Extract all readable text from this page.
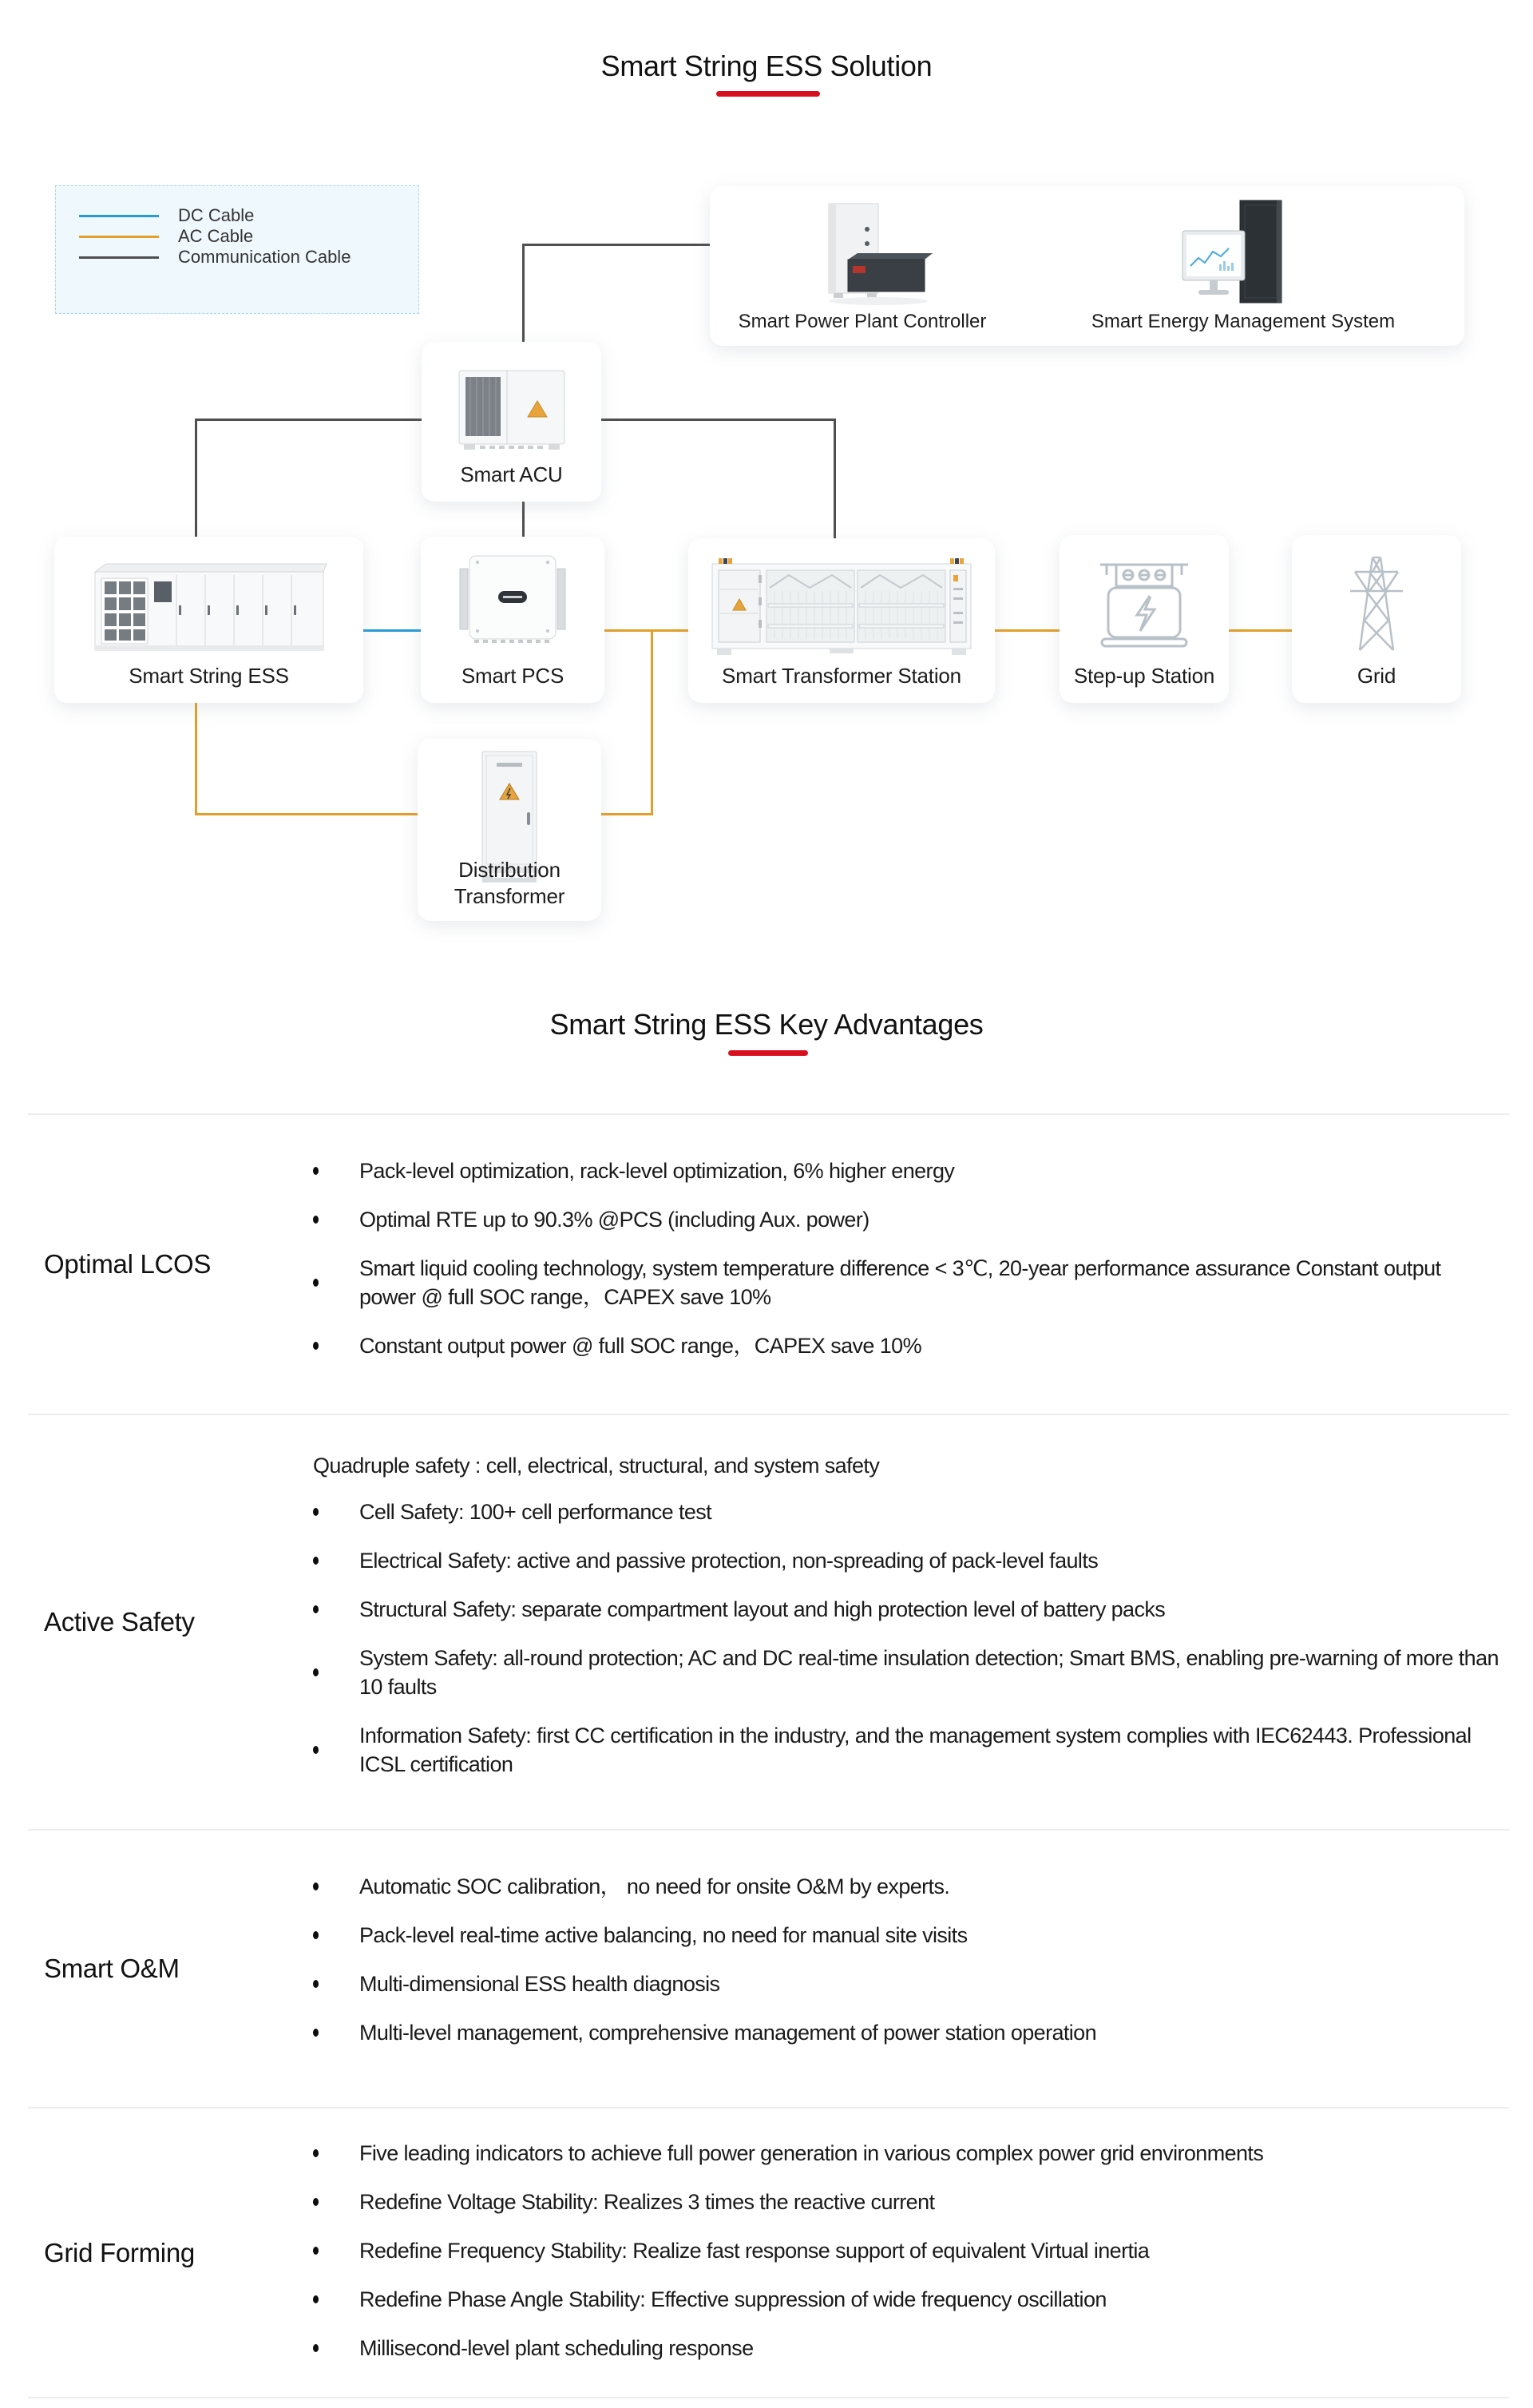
Smart String ESS Solution
DC Cable
AC Cable
Communication Cable
Smart Power Plant Controller	Smart Energy Management System
Smart ACU
Smart String ESS	Smart PCS	Smart Transformer Station	Step-up Station	Grid
Distribution
Transformer
Smart String ESS Key Advantages
Optimal LCOS
Pack-level optimization, rack-level optimization, 6% higher energy
Optimal RTE up to 90.3% @PCS (including Aux. power)
Smart liquid cooling technology, system temperature difference < 3℃, 20-year performance assurance Constant output power @ full SOC range，CAPEX save 10%
Constant output power @ full SOC range，CAPEX save 10%
Active Safety
Quadruple safety : cell, electrical, structural, and system safety
Cell Safety: 100+ cell performance test
Electrical Safety: active and passive protection, non-spreading of pack-level faults
Structural Safety: separate compartment layout and high protection level of battery packs
System Safety: all-round protection; AC and DC real-time insulation detection; Smart BMS, enabling pre-warning of more than 10 faults
Information Safety: first CC certification in the industry, and the management system complies with IEC62443. Professional ICSL certification
Smart O&M
Automatic SOC calibration， no need for onsite O&M by experts.
Pack-level real-time active balancing, no need for manual site visits
Multi-dimensional ESS health diagnosis
Multi-level management, comprehensive management of power station operation
Grid Forming
Five leading indicators to achieve full power generation in various complex power grid environments
Redefine Voltage Stability: Realizes 3 times the reactive current
Redefine Frequency Stability: Realize fast response support of equivalent Virtual inertia
Redefine Phase Angle Stability: Effective suppression of wide frequency oscillation
Millisecond-level plant scheduling response
